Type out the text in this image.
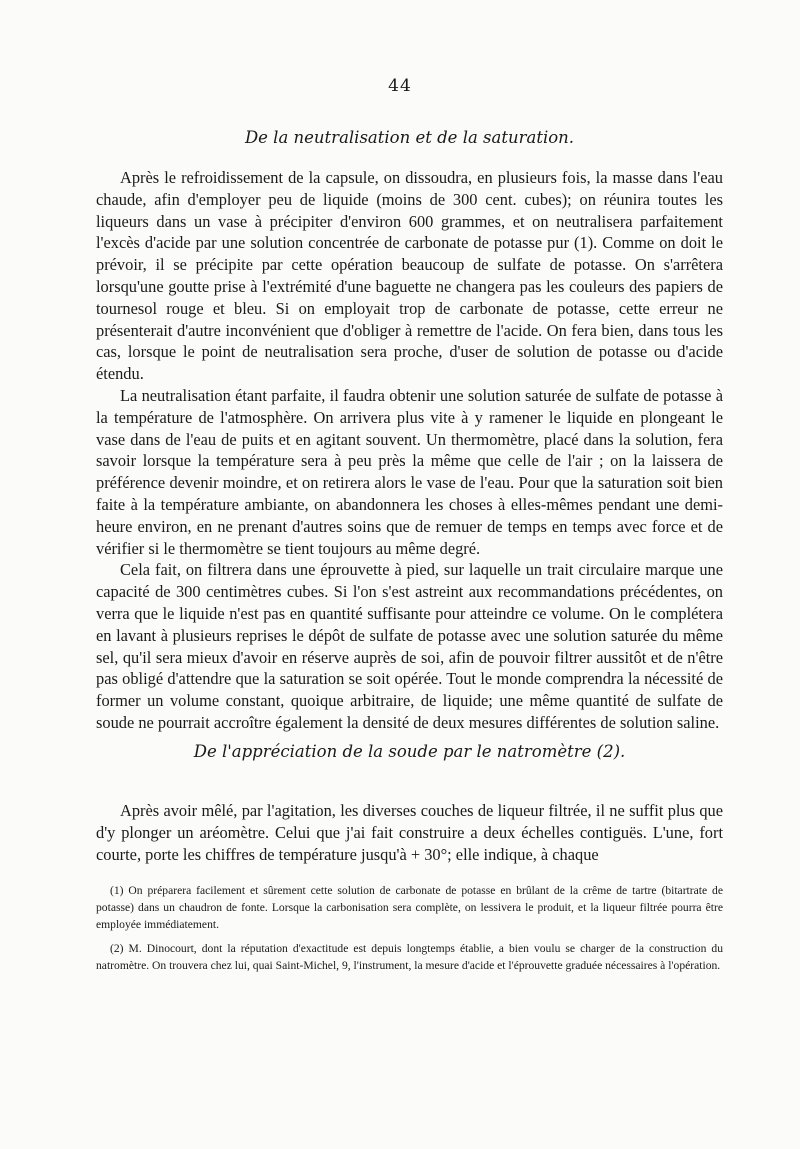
44
De la neutralisation et de la saturation.

Après le refroidissement de la capsule, on dissoudra, en plusieurs fois, la masse dans l'eau chaude, afin d'employer peu de liquide (moins de 300 cent. cubes); on réunira toutes les liqueurs dans un vase à précipiter d'environ 600 grammes, et on neutralisera parfaitement l'excès d'acide par une solution concentrée de carbonate de potasse pur (1). Comme on doit le prévoir, il se précipite par cette opération beaucoup de sulfate de potasse. On s'arrêtera lorsqu'une goutte prise à l'extrémité d'une baguette ne changera pas les couleurs des papiers de tournesol rouge et bleu. Si on employait trop de carbonate de potasse, cette erreur ne présenterait d'autre inconvénient que d'obliger à remettre de l'acide. On fera bien, dans tous les cas, lorsque le point de neutralisation sera proche, d'user de solution de potasse ou d'acide étendu.

La neutralisation étant parfaite, il faudra obtenir une solution saturée de sulfate de potasse à la température de l'atmosphère. On arrivera plus vite à y ramener le liquide en plongeant le vase dans de l'eau de puits et en agitant souvent. Un thermomètre, placé dans la solution, fera savoir lorsque la température sera à peu près la même que celle de l'air ; on la laissera de préférence devenir moindre, et on retirera alors le vase de l'eau. Pour que la saturation soit bien faite à la température ambiante, on abandonnera les choses à elles-mêmes pendant une demi-heure environ, en ne prenant d'autres soins que de remuer de temps en temps avec force et de vérifier si le thermomètre se tient toujours au même degré.

Cela fait, on filtrera dans une éprouvette à pied, sur laquelle un trait circulaire marque une capacité de 300 centimètres cubes. Si l'on s'est astreint aux recommandations précédentes, on verra que le liquide n'est pas en quantité suffisante pour atteindre ce volume. On le complétera en lavant à plusieurs reprises le dépôt de sulfate de potasse avec une solution saturée du même sel, qu'il sera mieux d'avoir en réserve auprès de soi, afin de pouvoir filtrer aussitôt et de n'être pas obligé d'attendre que la saturation se soit opérée. Tout le monde comprendra la nécessité de former un volume constant, quoique arbitraire, de liquide; une même quantité de sulfate de soude ne pourrait accroître également la densité de deux mesures différentes de solution saline.

De l'appréciation de la soude par le natromètre (2).

Après avoir mêlé, par l'agitation, les diverses couches de liqueur filtrée, il ne suffit plus que d'y plonger un aréomètre. Celui que j'ai fait construire a deux échelles contiguës. L'une, fort courte, porte les chiffres de température jusqu'à + 30°; elle indique, à chaque

(1) On préparera facilement et sûrement cette solution de carbonate de potasse en brûlant de la crême de tartre (bitartrate de potasse) dans un chaudron de fonte. Lorsque la carbonisation sera complète, on lessivera le produit, et la liqueur filtrée pourra être employée immédiatement.

(2) M. Dinocourt, dont la réputation d'exactitude est depuis longtemps établie, a bien voulu se charger de la construction du natromètre. On trouvera chez lui, quai Saint-Michel, 9, l'instrument, la mesure d'acide et l'éprouvette graduée nécessaires à l'opération.
